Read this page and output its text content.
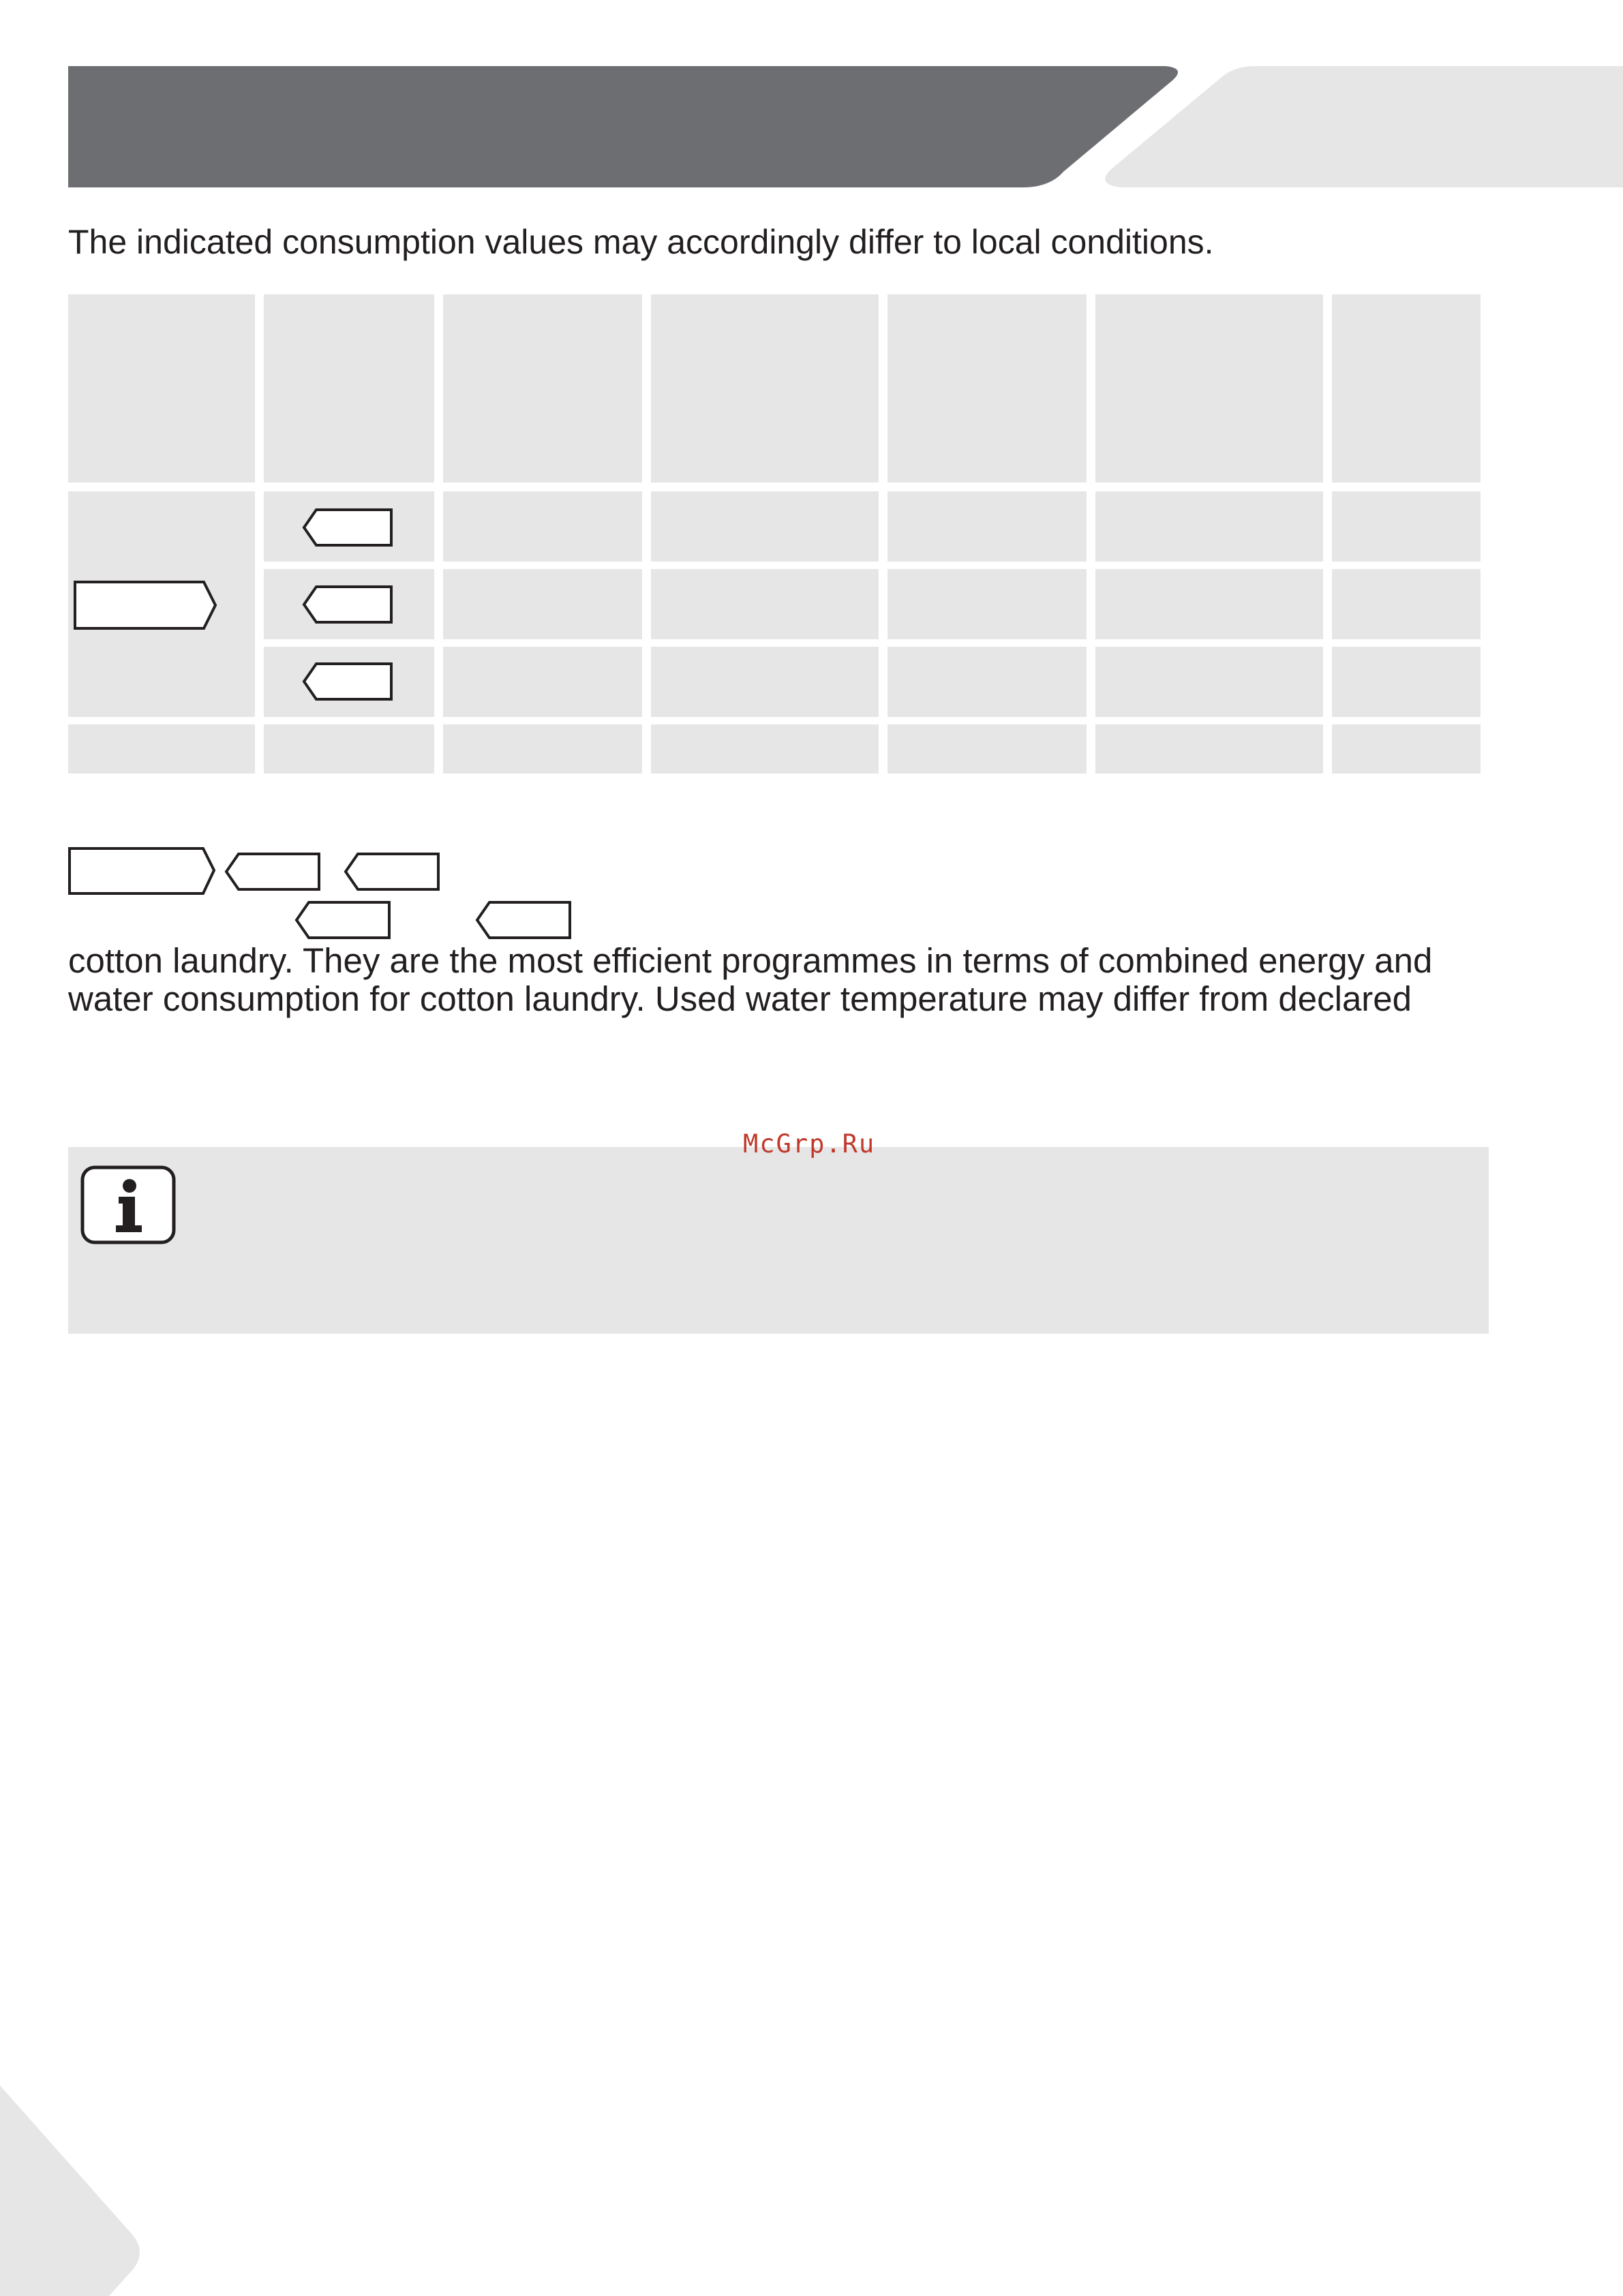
The indicated consumption values may accordingly differ to local conditions.
cotton laundry. They are the most efficient programmes in terms of combined energy and
water consumption for cotton laundry. Used water temperature may differ from declared
McGrp.Ru
